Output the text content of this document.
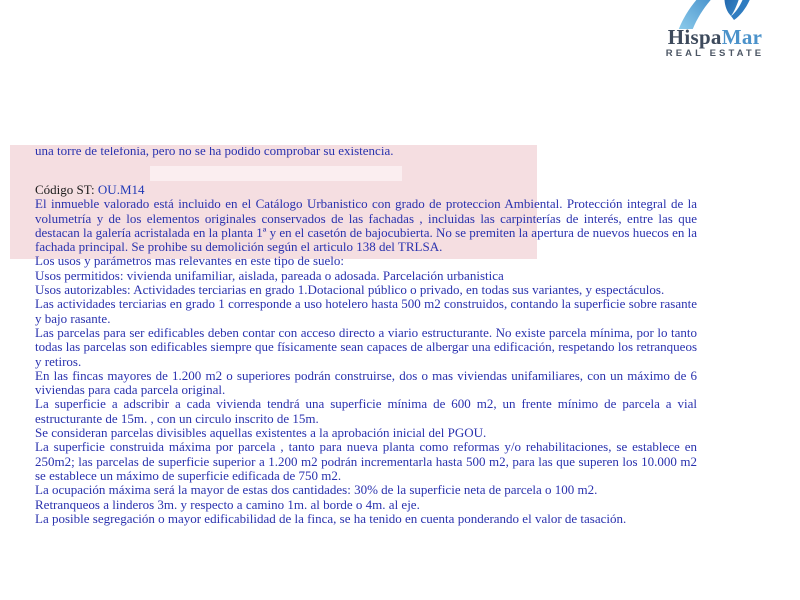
HispaMar
REAL ESTATE
una torre de telefonía, pero no se ha podido comprobar su existencia.
Código ST: OU.M14

El inmueble valorado está incluido en el Catálogo Urbanistico con grado de proteccion Ambiental. Protección integral de la volumetría y de los elementos originales conservados de las fachadas , incluidas las carpinterías de interés, entre las que destacan la galería acristalada en la planta 1ª y en el casetón de bajocubierta. No se premiten la apertura de nuevos huecos en la fachada principal. Se prohibe su demolición según el articulo 138 del TRLSA.

Los usos y parámetros mas relevantes en este tipo de suelo:

Usos permitidos: vivienda unifamiliar, aislada, pareada o adosada. Parcelación urbanistica

Usos autorizables: Actividades terciarias en grado 1.Dotacional público o privado, en todas sus variantes, y espectáculos.

Las actividades terciarias en grado 1 corresponde a uso hotelero hasta 500 m2 construidos, contando la superficie sobre rasante y bajo rasante.

Las parcelas para ser edificables deben contar con acceso directo a viario estructurante. No existe parcela mínima, por lo tanto todas las parcelas son edificables siempre que físicamente sean capaces de albergar una edificación, respetando los retranqueos y retiros.

En las fincas mayores de 1.200 m2 o superiores podrán construirse, dos o mas viviendas unifamiliares, con un máximo de 6 viviendas para cada parcela original.

La superficie a adscribir a cada vivienda tendrá una superficie mínima de 600 m2, un frente mínimo de parcela a vial estructurante de 15m. , con un circulo inscrito de 15m.

Se consideran parcelas divisibles aquellas existentes a la aprobación inicial del PGOU.

La superficie construida máxima por parcela , tanto para nueva planta como reformas y/o rehabilitaciones, se establece en 250m2; las parcelas de superficie superior a 1.200 m2 podrán incrementarla hasta 500 m2, para las que superen los 10.000 m2 se establece un máximo de superficie edificada de 750 m2.

La ocupación máxima será la mayor de estas dos cantidades: 30% de la superficie neta de parcela o 100 m2.

Retranqueos a linderos 3m. y respecto a camino 1m. al borde o 4m. al eje.

La posible segregación o mayor edificabilidad de la finca, se ha tenido en cuenta ponderando el valor de tasación.
